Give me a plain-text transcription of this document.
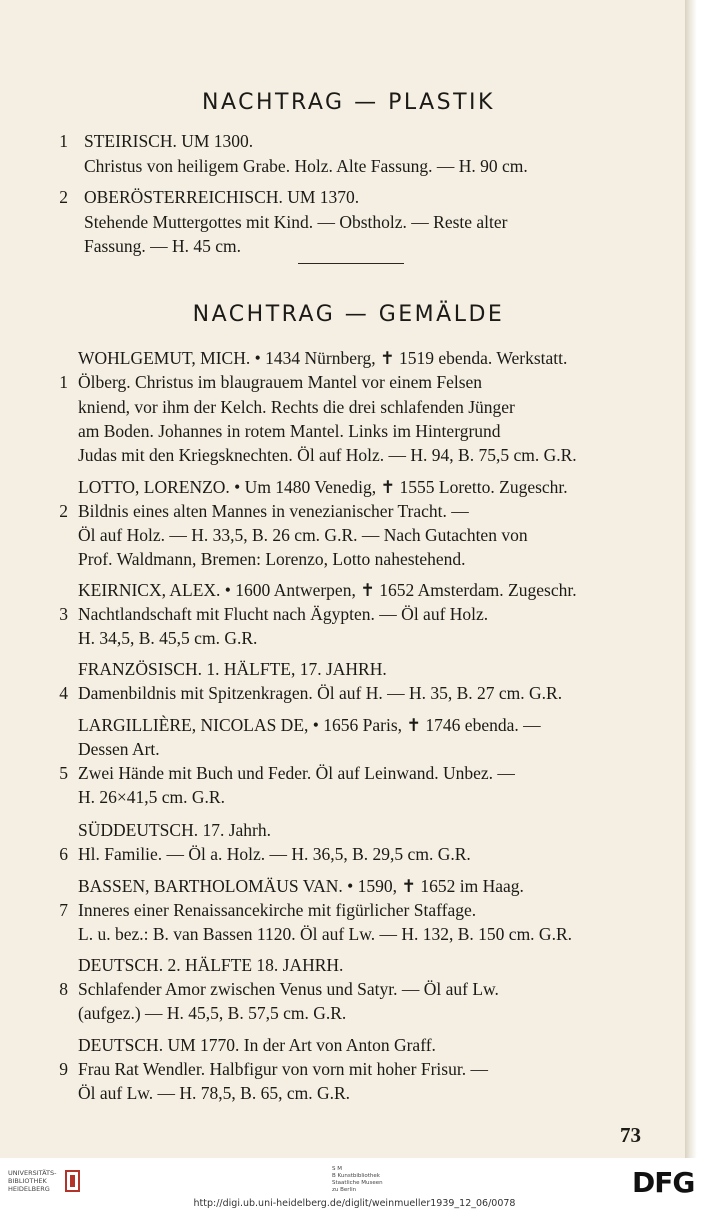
NACHTRAG — PLASTIK
1 STEIRISCH. UM 1300.
Christus von heiligem Grabe. Holz. Alte Fassung. — H. 90 cm.
2 OBERÖSTERREICHISCH. UM 1370.
Stehende Muttergottes mit Kind. — Obstholz. — Reste alter
Fassung. — H. 45 cm.
NACHTRAG — GEMÄLDE
WOHLGEMUT, MICH. • 1434 Nürnberg, ✝ 1519 ebenda. Werkstatt.
1 Ölberg. Christus im blaugrauem Mantel vor einem Felsen
kniend, vor ihm der Kelch. Rechts die drei schlafenden Jünger
am Boden. Johannes in rotem Mantel. Links im Hintergrund
Judas mit den Kriegsknechten. Öl auf Holz. — H. 94, B. 75,5 cm. G.R.
LOTTO, LORENZO. • Um 1480 Venedig, ✝ 1555 Loretto. Zugeschr.
2 Bildnis eines alten Mannes in venezianischer Tracht. —
Öl auf Holz. — H. 33,5, B. 26 cm. G.R. — Nach Gutachten von
Prof. Waldmann, Bremen: Lorenzo, Lotto nahestehend.
KEIRNICX, ALEX. • 1600 Antwerpen, ✝ 1652 Amsterdam. Zugeschr.
3 Nachtlandschaft mit Flucht nach Ägypten. — Öl auf Holz.
H. 34,5, B. 45,5 cm. G.R.
FRANZÖSISCH. 1. HÄLFTE, 17. JAHRH.
4 Damenbildnis mit Spitzenkragen. Öl auf H. — H. 35, B. 27 cm. G.R.
LARGILLIÈRE, NICOLAS DE, • 1656 Paris, ✝ 1746 ebenda. —
Dessen Art.
5 Zwei Hände mit Buch und Feder. Öl auf Leinwand. Unbez. —
H. 26×41,5 cm. G.R.
SÜDDEUTSCH. 17. Jahrh.
6 Hl. Familie. — Öl a. Holz. — H. 36,5, B. 29,5 cm. G.R.
BASSEN, BARTHOLOMÄUS VAN. • 1590, ✝ 1652 im Haag.
7 Inneres einer Renaissancekirche mit figürlicher Staffage.
L. u. bez.: B. van Bassen 1120. Öl auf Lw. — H. 132, B. 150 cm. G.R.
DEUTSCH. 2. HÄLFTE 18. JAHRH.
8 Schlafender Amor zwischen Venus und Satyr. — Öl auf Lw.
(aufgez.) — H. 45,5, B. 57,5 cm. G.R.
DEUTSCH. UM 1770. In der Art von Anton Graff.
9 Frau Rat Wendler. Halbfigur von vorn mit hoher Frisur. —
Öl auf Lw. — H. 78,5, B. 65, cm. G.R.
73
UNIVERSITÄTS-
BIBLIOTHEK
HEIDELBERG
S M
B Kunstbibliothek
Staatliche Museen
zu Berlin	DFG
http://digi.ub.uni-heidelberg.de/diglit/weinmueller1939_12_06/0078
